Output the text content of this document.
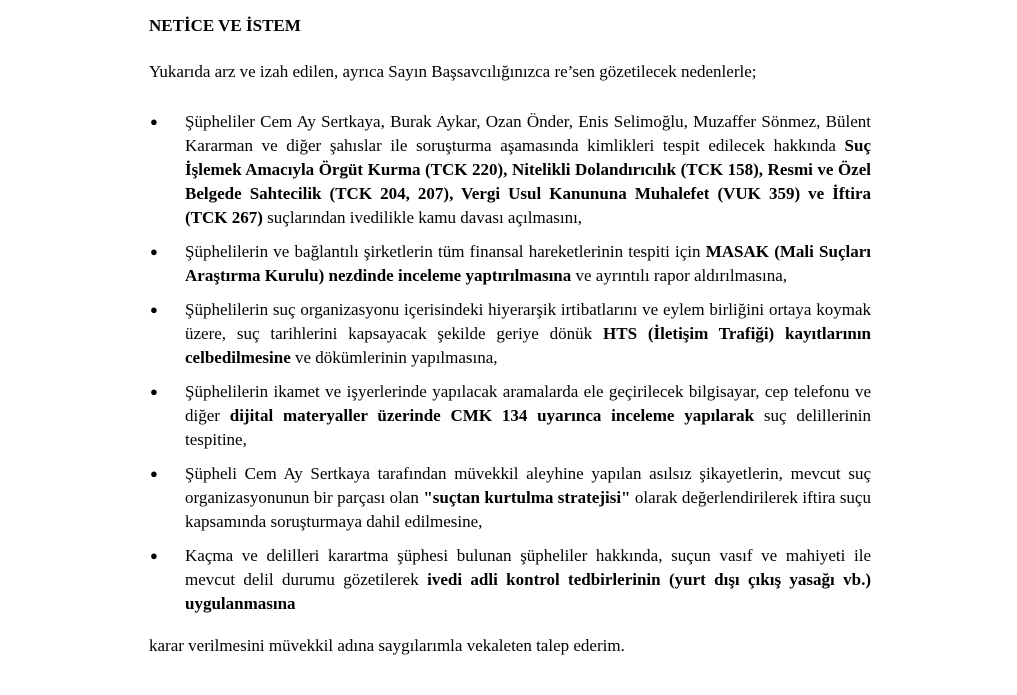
NETİCE VE İSTEM

Yukarıda arz ve izah edilen, ayrıca Sayın Başsavcılığınızca re’sen gözetilecek nedenlerle;

● Şüpheliler Cem Ay Sertkaya, Burak Aykar, Ozan Önder, Enis Selimoğlu, Muzaffer Sönmez, Bülent Kararman ve diğer şahıslar ile soruşturma aşamasında kimlikleri tespit edilecek hakkında Suç İşlemek Amacıyla Örgüt Kurma (TCK 220), Nitelikli Dolandırıcılık (TCK 158), Resmi ve Özel Belgede Sahtecilik (TCK 204, 207), Vergi Usul Kanununa Muhalefet (VUK 359) ve İftira (TCK 267) suçlarından ivedilikle kamu davası açılmasını,
● Şüphelilerin ve bağlantılı şirketlerin tüm finansal hareketlerinin tespiti için MASAK (Mali Suçları Araştırma Kurulu) nezdinde inceleme yaptırılmasına ve ayrıntılı rapor aldırılmasına,
● Şüphelilerin suç organizasyonu içerisindeki hiyerarşik irtibatlarını ve eylem birliğini ortaya koymak üzere, suç tarihlerini kapsayacak şekilde geriye dönük HTS (İletişim Trafiği) kayıtlarının celbedilmesine ve dökümlerinin yapılmasına,
● Şüphelilerin ikamet ve işyerlerinde yapılacak aramalarda ele geçirilecek bilgisayar, cep telefonu ve diğer dijital materyaller üzerinde CMK 134 uyarınca inceleme yapılarak suç delillerinin tespitine,
● Şüpheli Cem Ay Sertkaya tarafından müvekkil aleyhine yapılan asılsız şikayetlerin, mevcut suç organizasyonunun bir parçası olan "suçtan kurtulma stratejisi" olarak değerlendirilerek iftira suçu kapsamında soruşturmaya dahil edilmesine,
● Kaçma ve delilleri karartma şüphesi bulunan şüpheliler hakkında, suçun vasıf ve mahiyeti ile mevcut delil durumu gözetilerek ivedi adli kontrol tedbirlerinin (yurt dışı çıkış yasağı vb.) uygulanmasına

karar verilmesini müvekkil adına saygılarımla vekaleten talep ederim.
